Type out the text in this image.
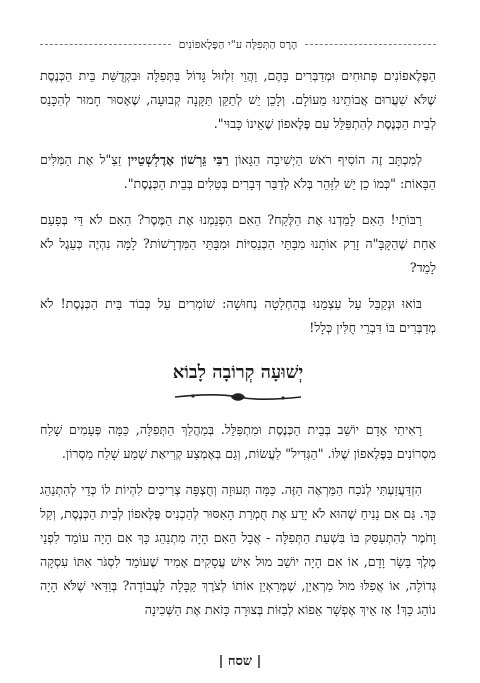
הֶרֶס הַתְּפִלָּה ע"י הַפֶּלֶאפוֹנִים

הַפֶּלֶאפוֹנִים פְּתוּחִים וּמְדַבְּרִים בָּהֶם, וַהֲוֵי זִלְזוּל גָּדוֹל בַּתְּפִלָּה וּבִקְדֻשַּׁת בֵּית הַכְּנֶסֶת שֶׁלֹּא שִׁעֲרוּם אֲבוֹתֵינוּ מֵעוֹלָם. וְלָכֵן יֵשׁ לְתַקֵּן תַּקָּנָה קְבוּעָה, שֶׁאָסוּר חָמוּר לְהִכָּנֵס לְבֵית הַכְּנֶסֶת לְהִתְפַּלֵּל עִם פֶּלֶאפוֹן שֶׁאֵינוֹ כָּבוּי".

לְמִכְתָּב זֶה הוֹסִיף רֹאשׁ הַיְשִׁיבָה הַגָּאוֹן רַבִּי גֵּרְשׁוֹן אֶדֶלְשְׁטֵיין זַצַ"ל אֶת הַמִּלִּים הַבָּאוֹת: "כְּמוֹ כֵן יֵשׁ לִזָּהֵר בְּלֹא לְדַבֵּר דְּבָרִים בְּטֵלִים בְּבֵית הַכְּנֶסֶת".

רַבּוֹתַי! הַאִם לָמַדְנוּ אֶת הַלֶּקַח? הַאִם הִפְנַמְנוּ אֶת הַמֶּסֶר? הַאִם לֹא דַּי בְּפַעַם אַחַת שֶׁהַקָּבָּ"ה זָרַק אוֹתָנוּ מִבָּתֵּי הַכְּנֵסִיּוֹת וּמִבָּתֵּי הַמִּדְרָשׁוֹת? לָמָּה נִהְיֶה כְּעֵגֶל לֹא לָמֵד?

בּוֹאוּ וּנְקַבֵּל עַל עַצְמֵנוּ בְּהַחְלָטָה נְחוּשָׁה: שׁוֹמְרִים עַל כְּבוֹד בֵּית הַכְּנֶסֶת! לֹא מְדַבְּרִים בּוֹ דִּבְרֵי חֻלִּין כְּלָל!

יְשׁוּעָה קְרוֹבָה לָבוֹא

רָאִיתִי אָדָם יוֹשֵׁב בְּבֵית הַכְּנֶסֶת וּמִתְפַּלֵּל. בְּמַהֲלַךְ הַתְּפִלָּה, כַּמָּה פְּעָמִים שָׁלַח מִסְרוֹנִים בַּפֶּלֶאפוֹן שֶׁלּוֹ. "הַגְּדִיל" לַעֲשׂוֹת, וְגַם בְּאֶמְצַע קְרִיאַת שְׁמַע שָׁלַח מִסְרוֹן.

הִזְדַּעֲזַעְתִּי לְנֹכַח הַמַּרְאֶה הַזֶּה. כַּמָּה תְּעוּזָה וְחֻצְפָּה צְרִיכִים לִהְיוֹת לוֹ כְּדֵי לְהִתְנַהֵג כָּךְ. גַּם אִם נָנִיחַ שֶׁהוּא לֹא יָדַע אֶת חֻמְרַת הָאִסּוּר לְהַכְנִיס פֶּלֶאפוֹן לְבֵית הַכְּנֶסֶת, וְקַל וָחֹמֶר לְהִתְעַסֵּק בּוֹ בִּשְׁעַת הַתְּפִלָּה - אֲבָל הַאִם הָיָה מִתְנַהֵג כָּךְ אִם הָיָה עוֹמֵד לִפְנֵי מֶלֶךְ בָּשָׂר וָדָם, אוֹ אִם הָיָה יוֹשֵׁב מוּל אִישׁ עֲסָקִים אָמִיד שֶׁעוֹמֵד לִסְגֹּר אִתּוֹ עִסְקָה גְּדוֹלָה, אוֹ אֲפִלּוּ מוּל מַרְאַיֵן, שֶׁמְּרַאְיֵן אוֹתוֹ לְצֹרֶךְ קַבָּלָה לַעֲבוֹדָה? בְּוַדַּאי שֶׁלֹּא הָיָה נוֹהֵג כָּךְ! אָז אֵיךְ אֶפְשָׁר אֵפוֹא לְבַזּוֹת בְּצוּרָה כָּזֹאת אֶת הַשְּׁכִינָה

| שסח |
